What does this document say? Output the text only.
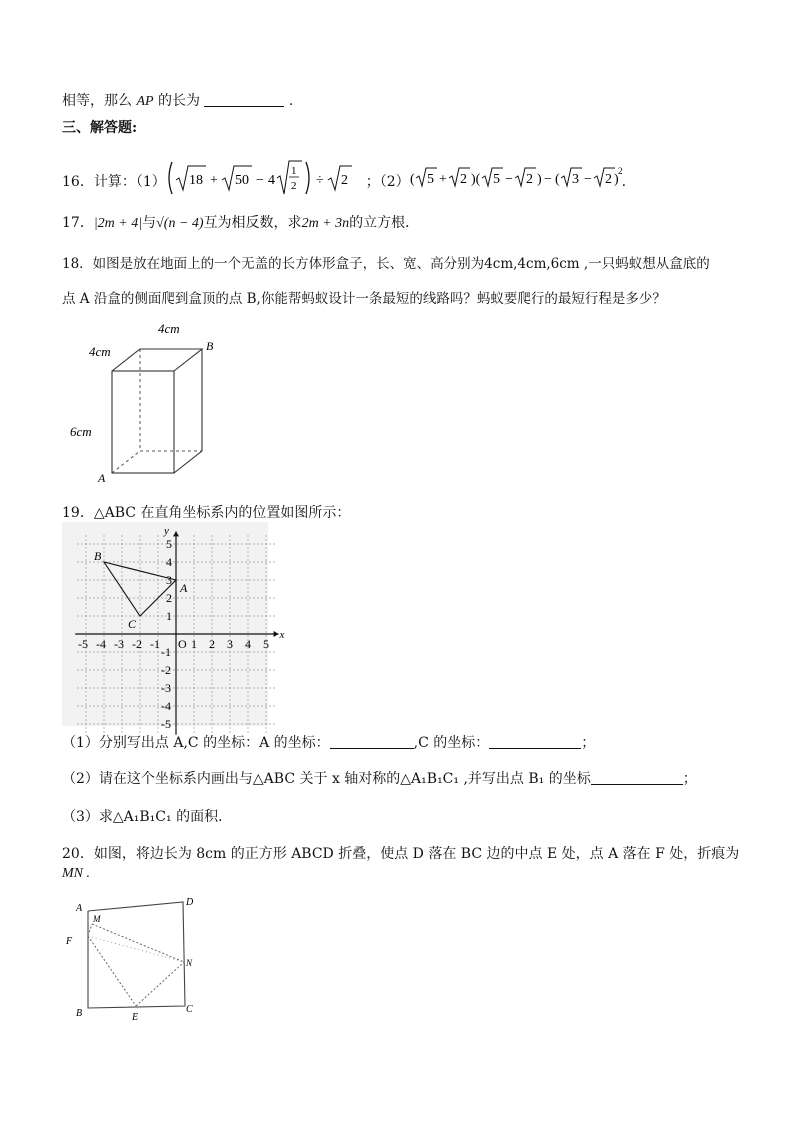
相等，那么 AP 的长为	.
三、解答题:
16．计算：（1） 18 + 50 − 4
1
2 ÷ 2 ；（2） ( 5 + 2 )( 5 − 2 ) − ( 3 − 2 )
2
.
17．|2m + 4|与√(n − 4)互为相反数，求2m + 3n的立方根．
18．如图是放在地面上的一个无盖的长方体形盒子，长、宽、高分别为4cm,4cm,6cm ,一只蚂蚁想从盒底的
点 A 沿盒的侧面爬到盒顶的点 B,你能帮蚂蚁设计一条最短的线路吗？蚂蚁要爬行的最短行程是多少？
4cm
4cm
6cm
A
B
19．△ABC 在直角坐标系内的位置如图所示：
x
y
-5 -4 -3 -2 -1 O 1 2 3 4 5
5
4
3
2
1
-1
-2
-3
-4
-5
A
B
C
（1）分别写出点 A,C 的坐标：A 的坐标：	,C 的坐标：	；
（2）请在这个坐标系内画出与△ABC 关于 x 轴对称的△A₁B₁C₁ ,并写出点 B₁ 的坐标	；
（3）求△A₁B₁C₁ 的面积．
20．如图，将边长为 8cm 的正方形 ABCD 折叠，使点 D 落在 BC 边的中点 E 处，点 A 落在 F 处，折痕为
MN .
A
D
M
F
N
B	C
E
